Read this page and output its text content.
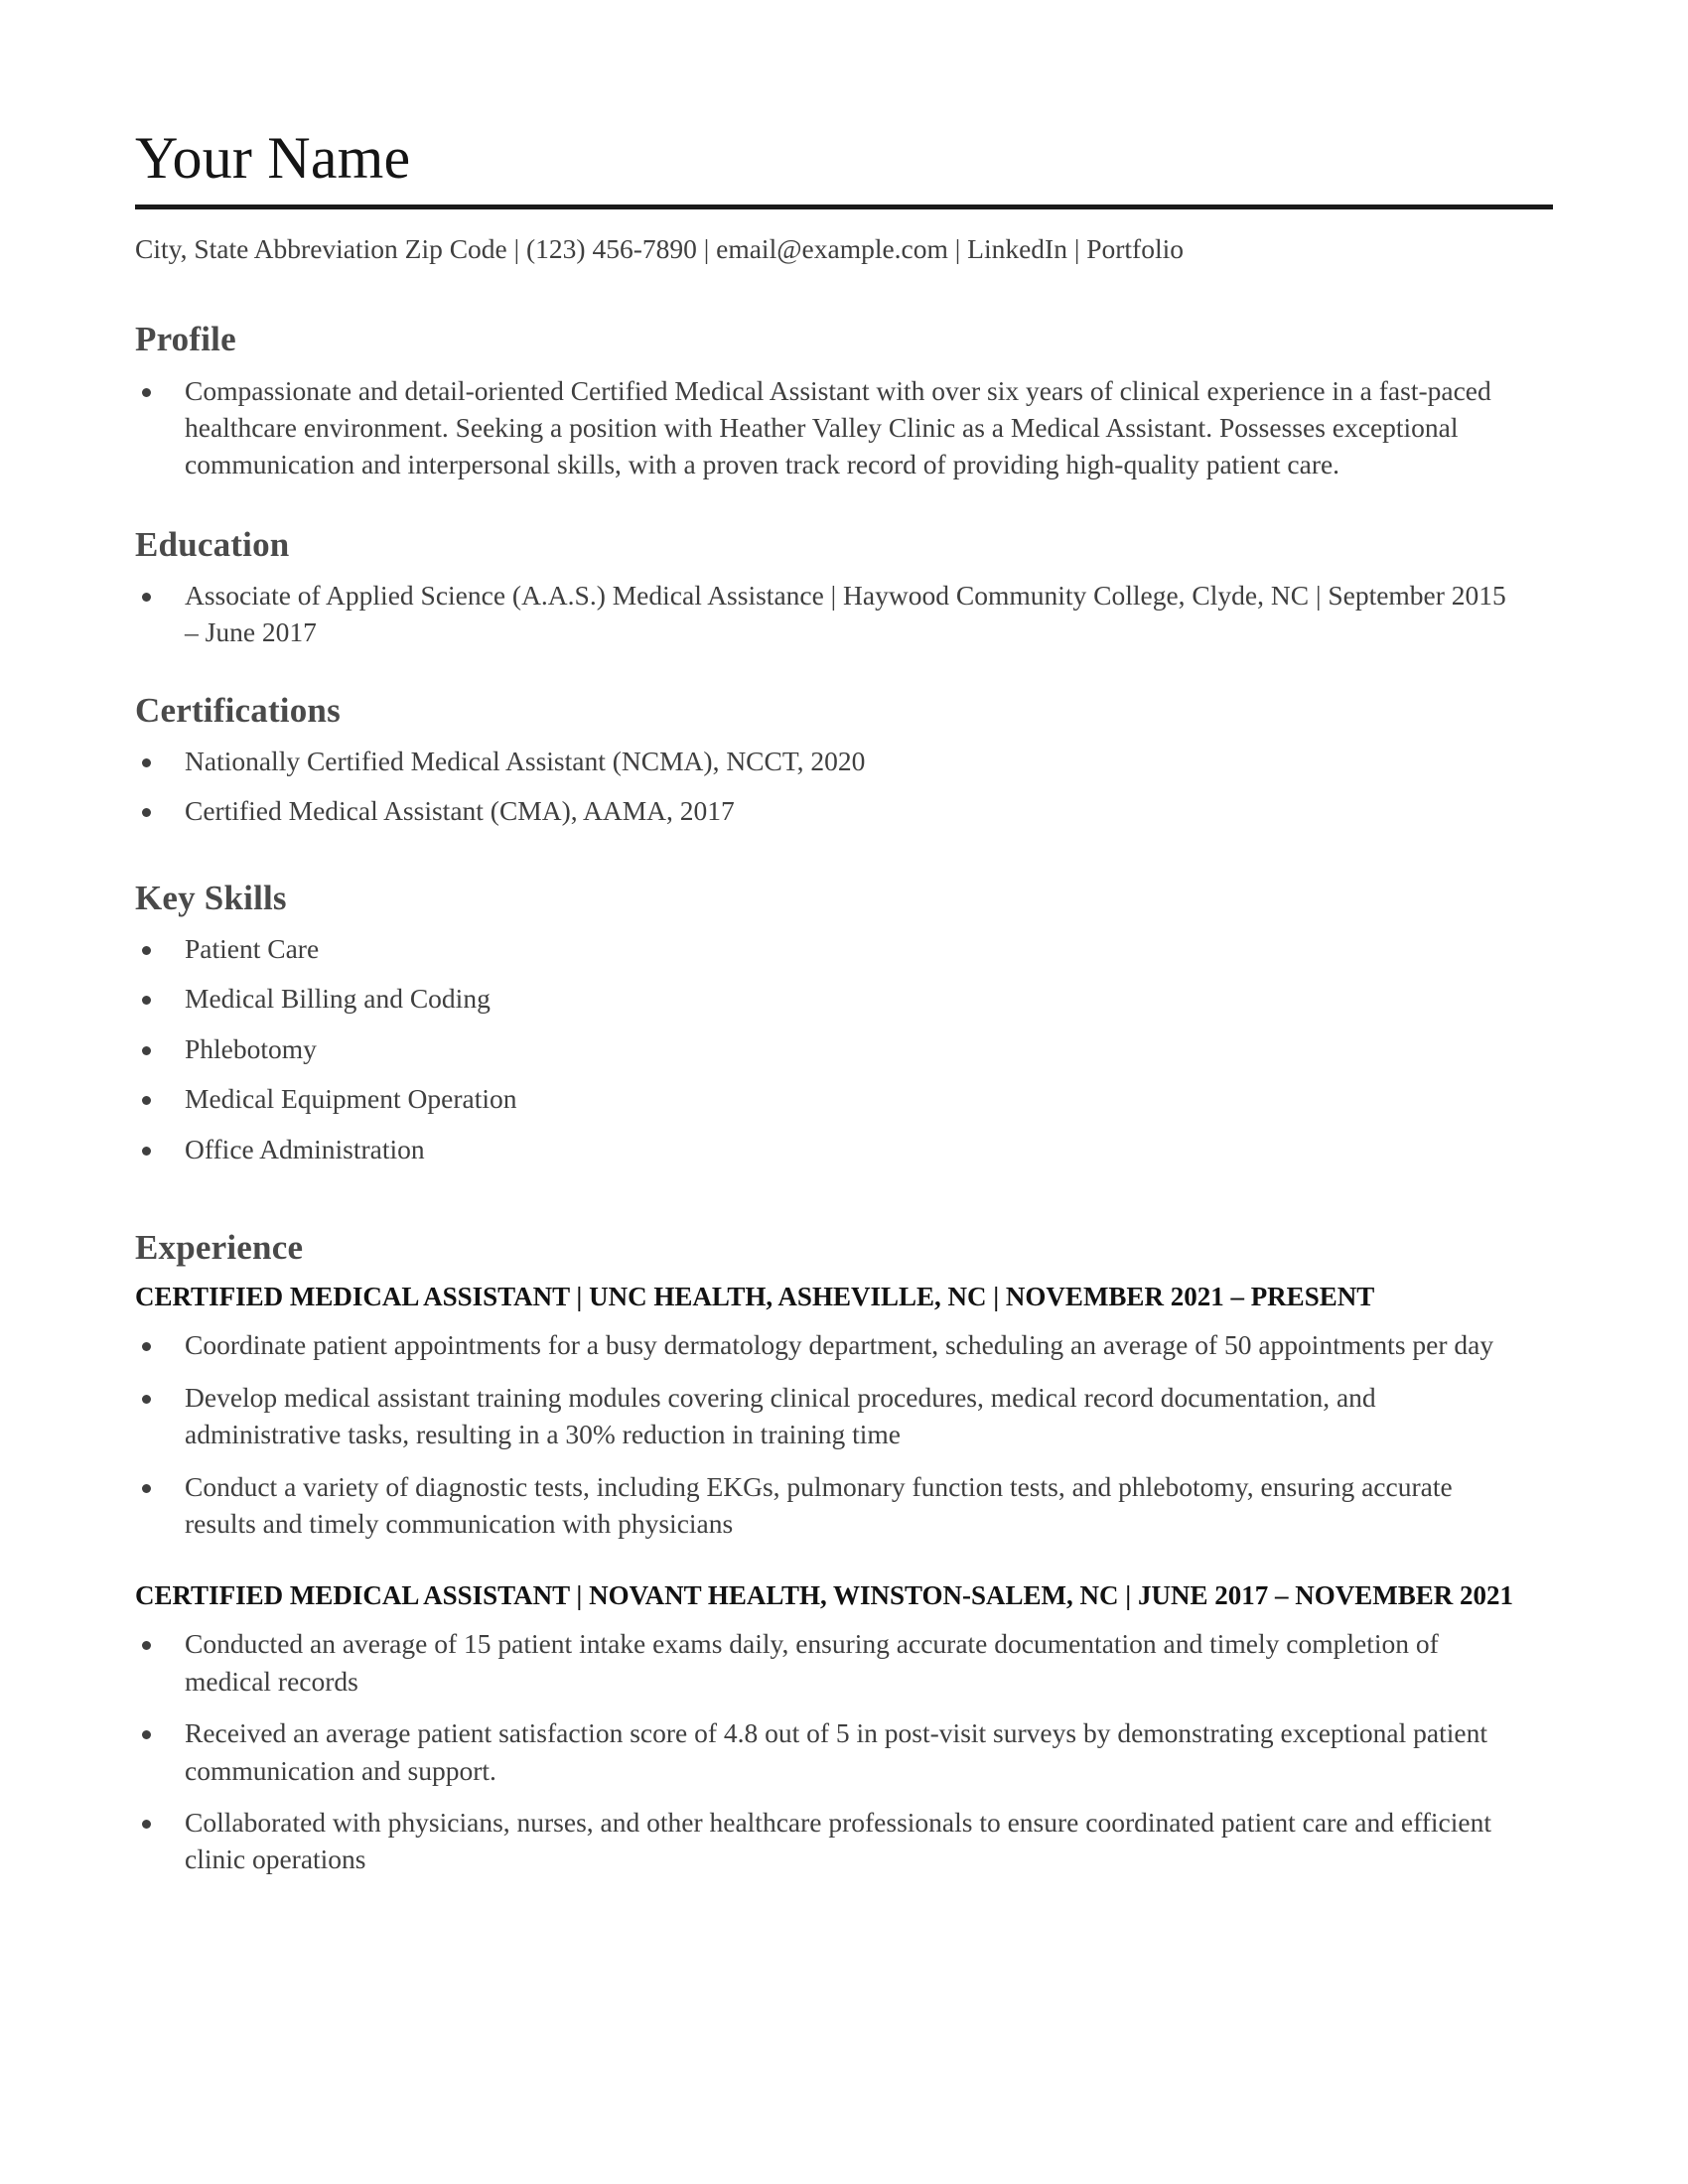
Your Name
City, State Abbreviation Zip Code | (123) 456-7890 | email@example.com | LinkedIn | Portfolio
Profile
Compassionate and detail-oriented Certified Medical Assistant with over six years of clinical experience in a fast-paced healthcare environment. Seeking a position with Heather Valley Clinic as a Medical Assistant. Possesses exceptional communication and interpersonal skills, with a proven track record of providing high-quality patient care.
Education
Associate of Applied Science (A.A.S.) Medical Assistance | Haywood Community College, Clyde, NC | September 2015 – June 2017
Certifications
Nationally Certified Medical Assistant (NCMA), NCCT, 2020
Certified Medical Assistant (CMA), AAMA, 2017
Key Skills
Patient Care
Medical Billing and Coding
Phlebotomy
Medical Equipment Operation
Office Administration
Experience
CERTIFIED MEDICAL ASSISTANT | UNC HEALTH, ASHEVILLE, NC | NOVEMBER 2021 – PRESENT
Coordinate patient appointments for a busy dermatology department, scheduling an average of 50 appointments per day
Develop medical assistant training modules covering clinical procedures, medical record documentation, and administrative tasks, resulting in a 30% reduction in training time
Conduct a variety of diagnostic tests, including EKGs, pulmonary function tests, and phlebotomy, ensuring accurate results and timely communication with physicians
CERTIFIED MEDICAL ASSISTANT | NOVANT HEALTH, WINSTON-SALEM, NC | JUNE 2017 – NOVEMBER 2021
Conducted an average of 15 patient intake exams daily, ensuring accurate documentation and timely completion of medical records
Received an average patient satisfaction score of 4.8 out of 5 in post-visit surveys by demonstrating exceptional patient communication and support.
Collaborated with physicians, nurses, and other healthcare professionals to ensure coordinated patient care and efficient clinic operations
